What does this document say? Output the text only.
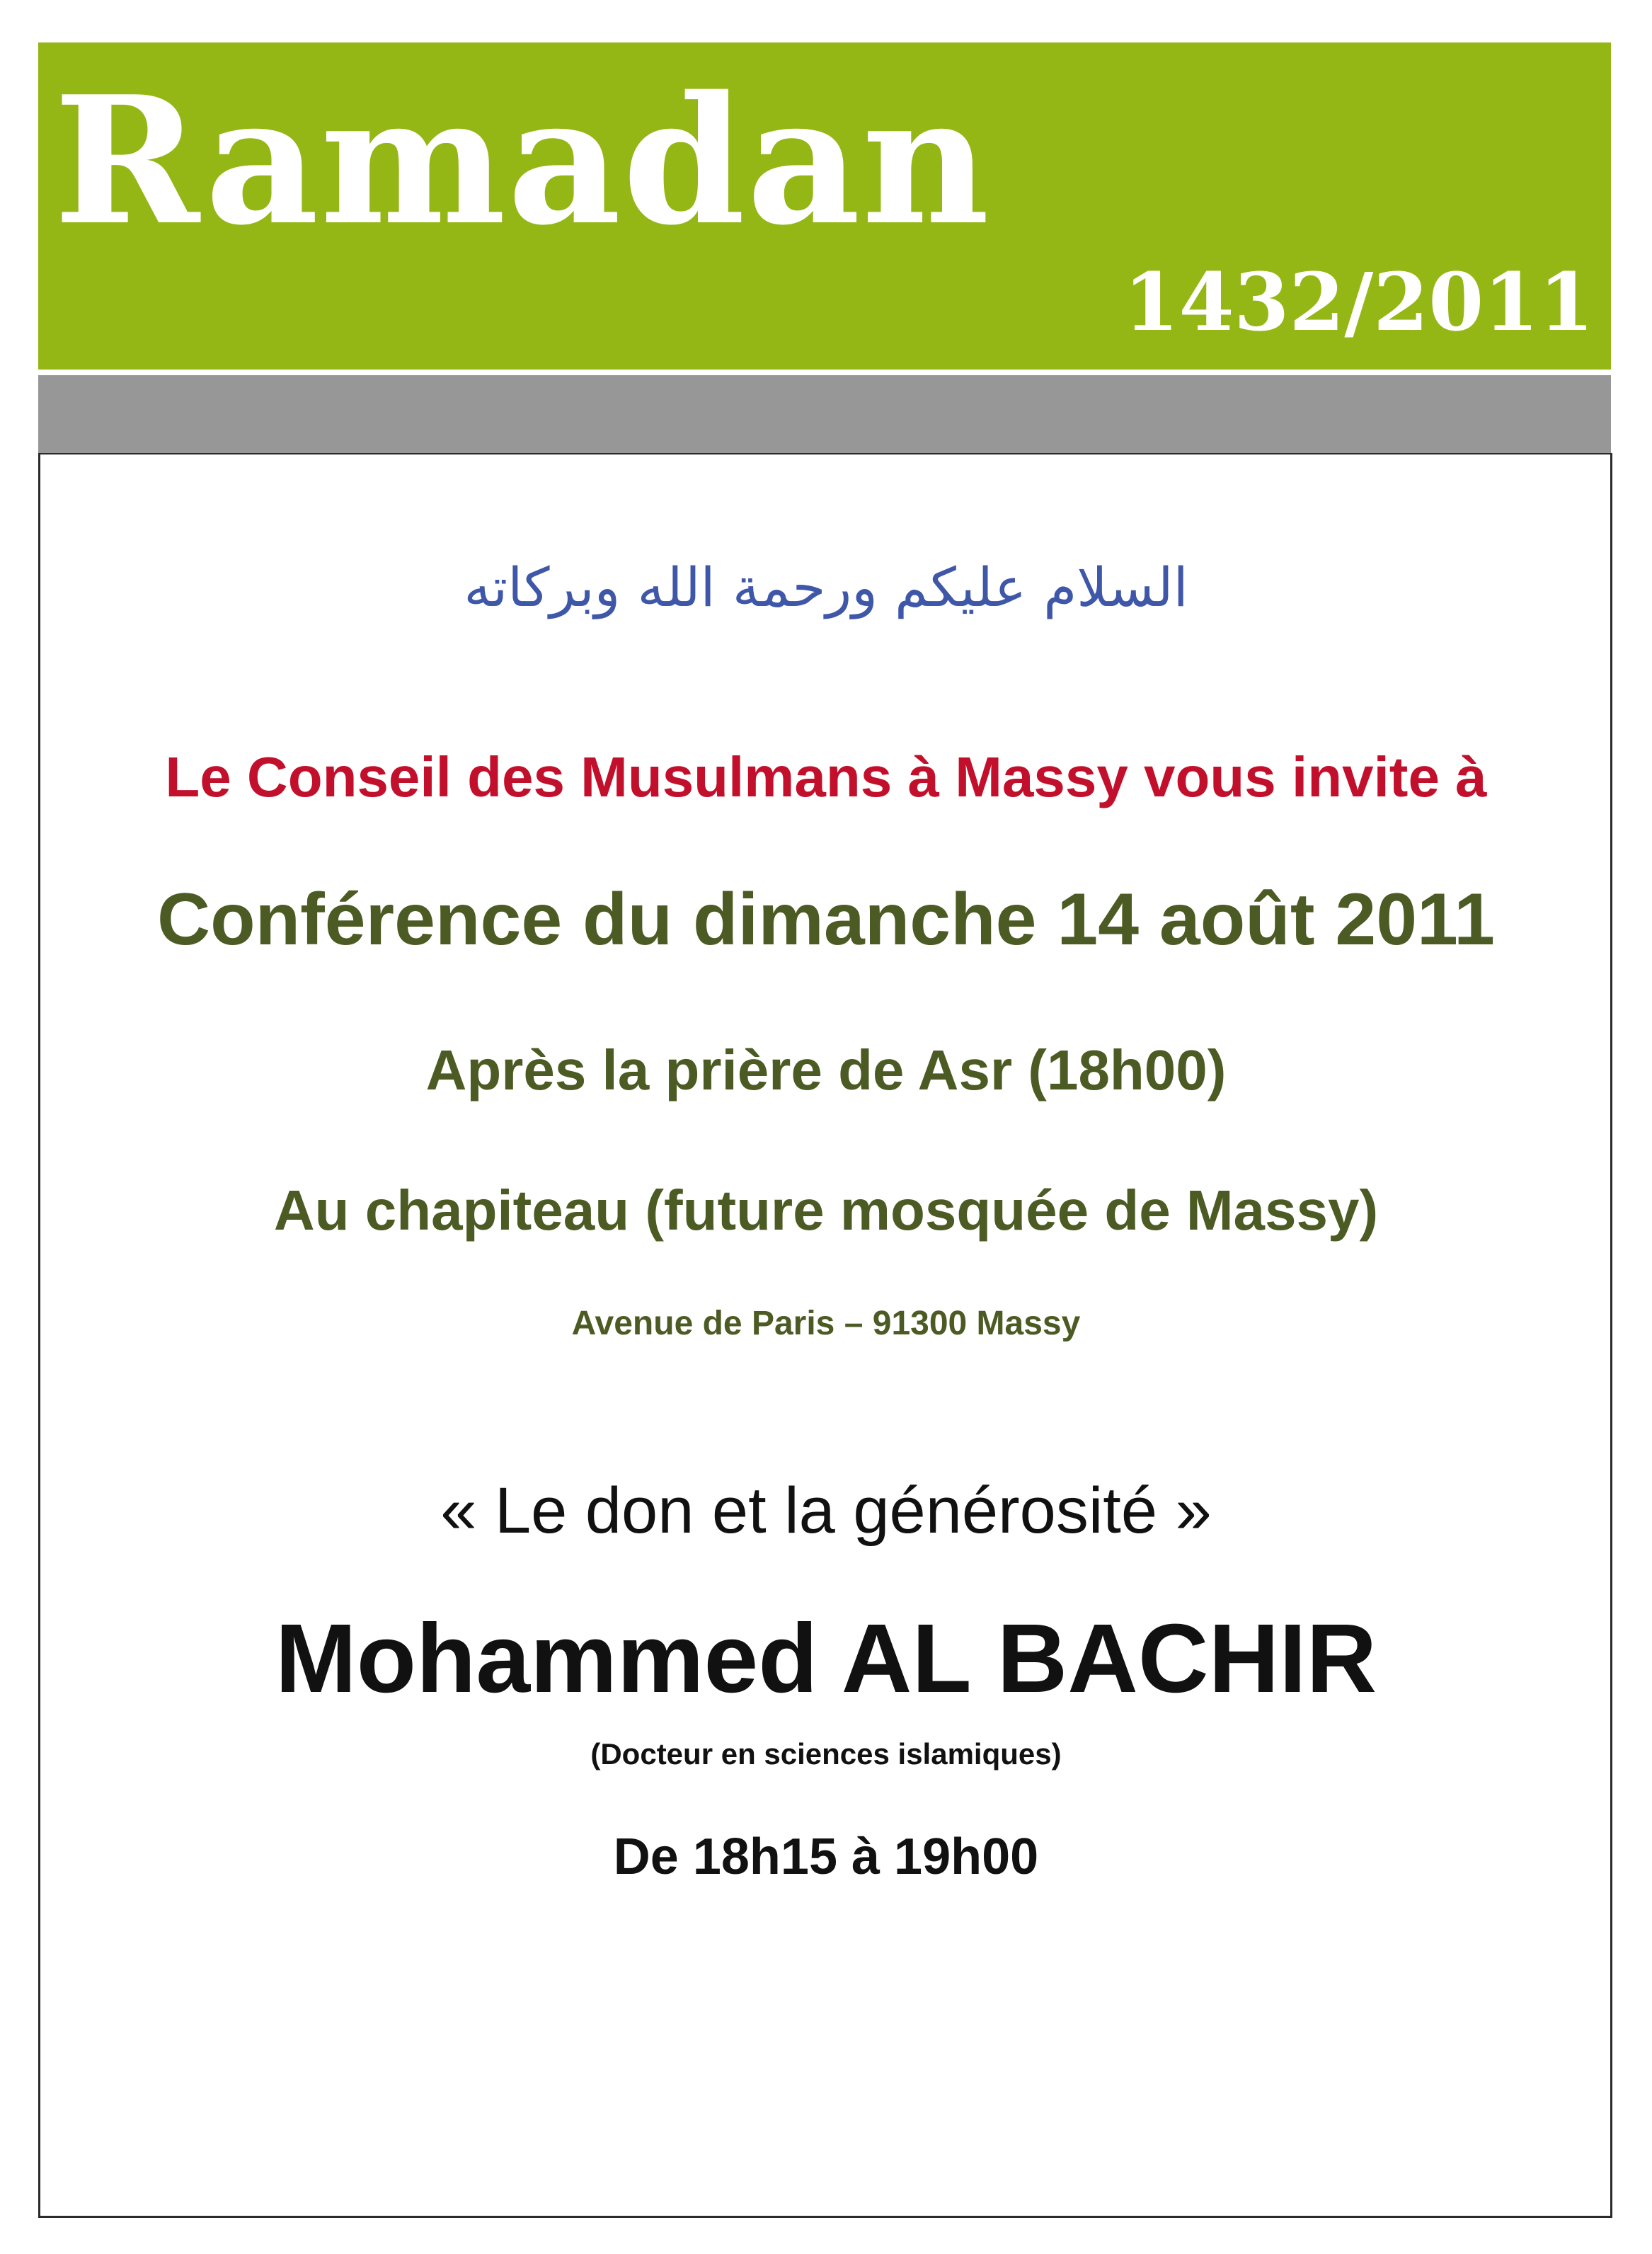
Ramadan
1432/2011

السلام عليكم ورحمة الله وبركاته

Le Conseil des Musulmans à Massy vous invite à

Conférence du dimanche 14 août 2011

Après la prière de Asr (18h00)

Au chapiteau (future mosquée de Massy)

Avenue de Paris – 91300 Massy

« Le don et la générosité »

Mohammed AL BACHIR

(Docteur en sciences islamiques)

De 18h15 à 19h00
